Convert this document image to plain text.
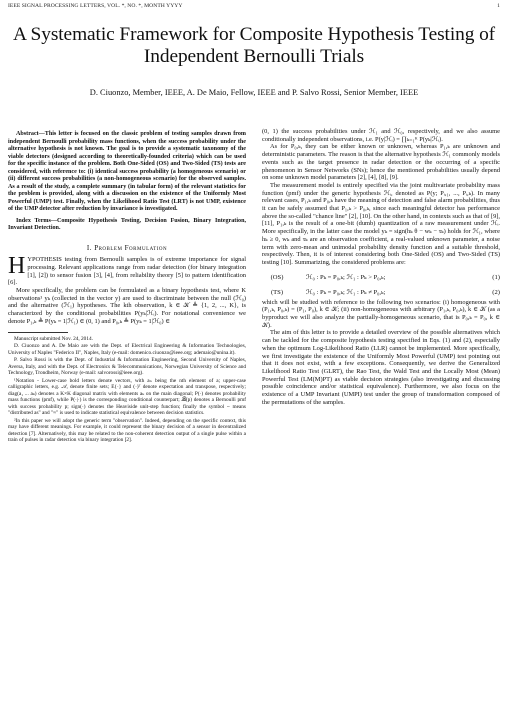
IEEE SIGNAL PROCESSING LETTERS, VOL. *, NO. *, MONTH YYYY	1
A Systematic Framework for Composite Hypothesis Testing of Independent Bernoulli Trials
D. Ciuonzo, Member, IEEE, A. De Maio, Fellow, IEEE and P. Salvo Rossi, Senior Member, IEEE

Abstract—This letter is focused on the classic problem of testing samples drawn from independent Bernoulli probability mass functions, when the success probability under the alternative hypothesis is not known. The goal is to provide a systematic taxonomy of the viable detectors (designed according to theoretically-founded criteria) which can be used for the specific instance of the problem. Both One-Sided (OS) and Two-Sided (TS) tests are considered, with reference to: (i) identical success probability (a homogeneous scenario) or (ii) different success probabilities (a non-homogeneous scenario) for the observed samples. As a result of the study, a complete summary (in tabular form) of the relevant statistics for the problem is provided, along with a discussion on the existence of the Uniformly Most Powerful (UMP) test. Finally, when the Likelihood Ratio Test (LRT) is not UMP, existence of the UMP detector after reduction by invariance is investigated.

Index Terms—Composite Hypothesis Testing, Decision Fusion, Binary Integration, Invariant Detection.

I. Problem Formulation

HYPOTHESIS testing from Bernoulli samples is of extreme importance for signal processing. Relevant applications range from radar detection (for binary integration [1], [2]) to sensor fusion [3], [4], from reliability theory [5] to pattern identification [6].

More specifically, the problem can be formulated as a binary hypothesis test, where K observations¹ yₖ (collected in the vector y) are used to discriminate between the null (ℋ₀) and the alternative (ℋ₁) hypotheses. The kth observation, k ∈ 𝒦 ≜ {1, 2, ..., K}, is characterized by the conditional probabilities P(yₖ|ℋᵢ). For notational convenience we denote P₁,ₖ ≜ P(yₖ = 1|ℋ₁) ∈ (0, 1) and P₀,ₖ ≜ P(yₖ = 1|ℋ₀) ∈

Manuscript submitted Nov. 24, 2014.

D. Ciuonzo and A. De Maio are with the Dept. of Electrical Engineering & Information Technologies, University of Naples "Federico II", Naples, Italy (e-mail: domenico.ciuonzo@ieee.org; ademaio@unina.it).

P. Salvo Rossi is with the Dept. of Industrial & Information Engineering, Second University of Naples, Aversa, Italy, and with the Dept. of Electronics & Telecommunications, Norwegian University of Science and Technology, Trondheim, Norway (e-mail: salvorossi@ieee.org).

¹Notation - Lower-case bold letters denote vectors, with aₙ being the nth element of a; upper-case calligraphic letters, e.g. 𝒜, denote finite sets; E{·} and (·)ᵀ denote expectation and transpose, respectively; diag(a₁ ... aₖ) denotes a K×K diagonal matrix with elements aₖ on the main diagonal; P(·) denotes probability mass functions (pmf), while P(·|·) is the corresponding conditional counterpart; ℬ(p) denotes a Bernoulli pmf with success probability p; sign(·) denotes the Heaviside unit-step function; finally the symbol ~ means "distributed as" and "≈" is used to indicate statistical equivalence between decision statistics.

²In this paper we will adopt the generic term "observation". Indeed, depending on the specific context, this may have different meanings. For example, it could represent the binary decision of a sensor in decentralized detection [7]. Alternatively, this may be related to the non-coherent detection output of a single pulse within a train of pulses in radar detection via binary integration [2].

(0, 1) the success probabilities under ℋ₁ and ℋ₀, respectively, and we also assume conditionally independent observations, i.e. P(y|ℋᵢ) = ∏ₖ₌₁ᴷ P(yₖ|ℋᵢ).

As for P₀,ₖ, they can be either known or unknown, whereas P₁,ₖ are unknown and deterministic parameters. The reason is that the alternative hypothesis ℋ₁ commonly models events such as the target presence in radar detection or the occurring of a specific phenomenon in Sensor Networks (SNs); hence the mentioned probabilities usually depend on some unknown model parameters [2], [4], [8], [9].

The measurement model is entirely specified via the joint multivariate probability mass function (pmf) under the generic hypothesis ℋᵢ, denoted as P(y; Pᵢ,₁, ..., Pᵢ,ₖ). In many relevant cases, P₁,ₖ and P₀,ₖ have the meaning of detection and false alarm probabilities, thus it can be safely assumed that P₁,ₖ > P₀,ₖ, since each meaningful detector has performance above the so-called "chance line" [2], [10]. On the other hand, in contexts such as that of [9], [11], P₁,ₖ is the result of a one-bit (dumb) quantization of a raw measurement under ℋᵢ. More specifically, in the latter case the model yₖ = sign(hₖ θ − wₖ − τₖ) holds for ℋ₁, where hₖ ≥ 0, wₖ and τₖ are an observation coefficient, a real-valued unknown parameter, a noise term with zero-mean and unimodal probability density function and a suitable threshold, respectively. Then, it is of interest considering both One-Sided (OS) and Two-Sided (TS) testing [10]. Summarizing, the considered problems are:

(OS)	ℋ₀ : Pₖ = P₀,ₖ; ℋ₁ : Pₖ > P₀,ₖ;	(1)
(TS)	ℋ₀ : Pₖ = P₀,ₖ; ℋ₁ : Pₖ ≠ P₀,ₖ;	(2)

which will be studied with reference to the following two scenarios: (i) homogeneous with (P₁,ₖ, P₀,ₖ) = (P₁, P₀), k ∈ 𝒦; (ii) non-homogeneous with arbitrary (P₁,ₖ, P₀,ₖ), k ∈ 𝒦 (as a byproduct we will also analyze the partially-homogeneous scenario, that is P₀,ₖ = P₀, k ∈ 𝒦).

The aim of this letter is to provide a detailed overview of the possible alternatives which can be tackled for the composite hypothesis testing specified in Eqs. (1) and (2), especially when the optimum Log-Likelihood Ratio (LLR) cannot be implemented. More specifically, we first investigate the existence of the Uniformly Most Powerful (UMP) test pointing out that it does not exist, with a few exceptions. Consequently, we derive the Generalized Likelihood Ratio Test (GLRT), the Rao Test, the Wald Test and the Locally Most (Mean) Powerful Test (LM(M)PT) as viable decision strategies (also investigating and discussing possible coincidence and/or statistical equivalence). Furthermore, we also focus on the existence of a UMP Invariant (UMPI) test under the group of transformation composed of the permutations of the samples.
